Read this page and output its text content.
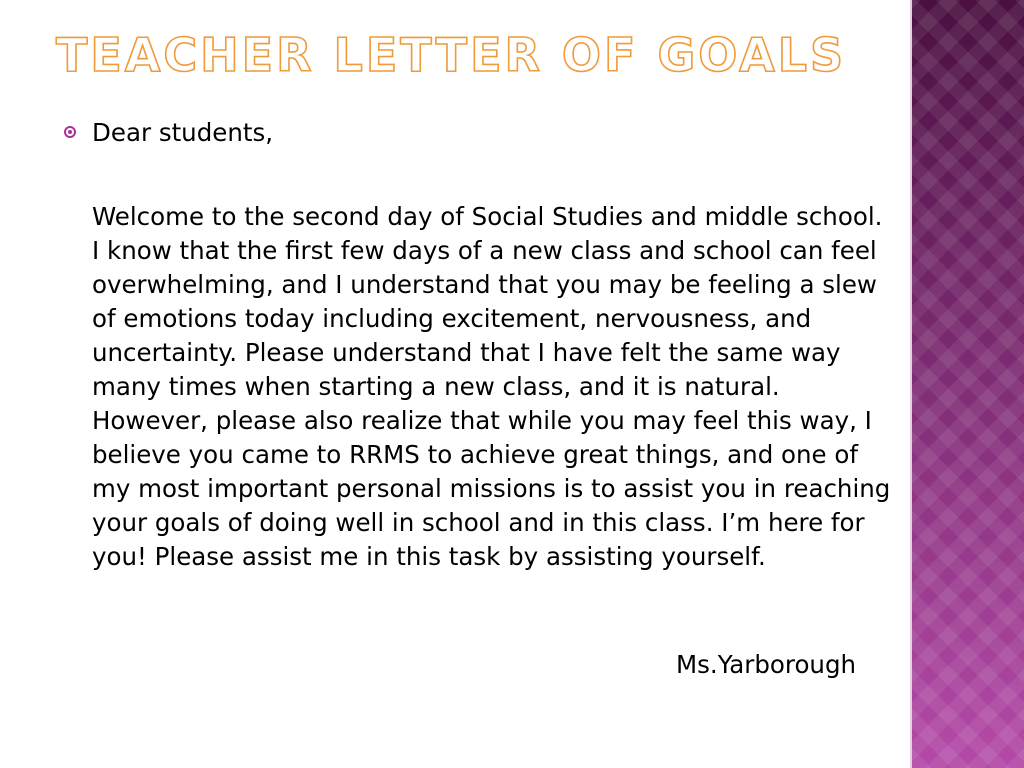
TEACHER LETTER OF GOALS
Dear students,
Welcome to the second day of Social Studies and middle school. I know that the first few days of a new class and school can feel overwhelming, and I understand that you may be feeling a slew of emotions today including excitement, nervousness, and uncertainty. Please understand that I have felt the same way many times when starting a new class, and it is natural. However, please also realize that while you may feel this way, I believe you came to RRMS to achieve great things, and one of my most important personal missions is to assist you in reaching your goals of doing well in school and in this class. I’m here for you! Please assist me in this task by assisting yourself.
Ms.Yarborough
